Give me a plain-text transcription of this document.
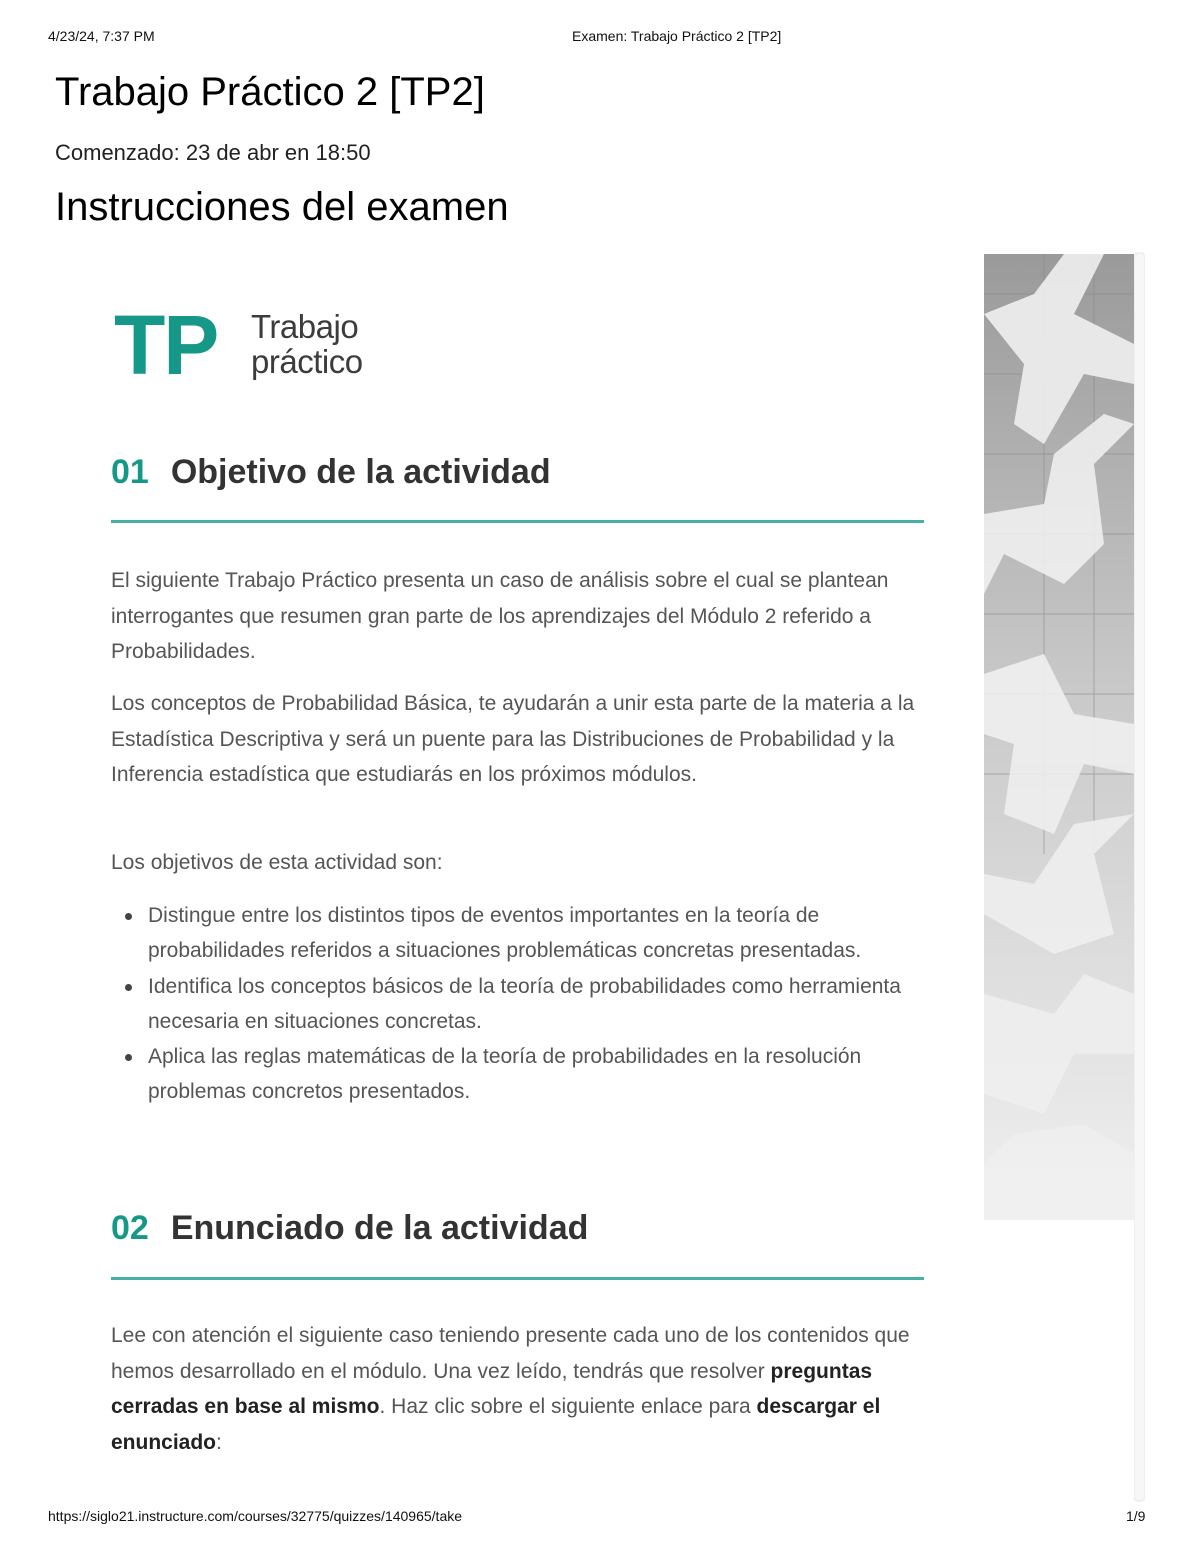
4/23/24, 7:37 PM	Examen: Trabajo Práctico 2 [TP2]
Trabajo Práctico 2 [TP2]
Comenzado: 23 de abr en 18:50
Instrucciones del examen
TP Trabajo
práctico
01 Objetivo de la actividad

El siguiente Trabajo Práctico presenta un caso de análisis sobre el cual se plantean interrogantes que resumen gran parte de los aprendizajes del Módulo 2 referido a Probabilidades.

Los conceptos de Probabilidad Básica, te ayudarán a unir esta parte de la materia a la Estadística Descriptiva y será un puente para las Distribuciones de Probabilidad y la Inferencia estadística que estudiarás en los próximos módulos.

Los objetivos de esta actividad son:

Distingue entre los distintos tipos de eventos importantes en la teoría de probabilidades referidos a situaciones problemáticas concretas presentadas.
Identifica los conceptos básicos de la teoría de probabilidades como herramienta necesaria en situaciones concretas.
Aplica las reglas matemáticas de la teoría de probabilidades en la resolución problemas concretos presentados.
02 Enunciado de la actividad

Lee con atención el siguiente caso teniendo presente cada uno de los contenidos que hemos desarrollado en el módulo. Una vez leído, tendrás que resolver preguntas cerradas en base al mismo. Haz clic sobre el siguiente enlace para descargar el enunciado:

https://siglo21.instructure.com/courses/32775/quizzes/140965/take	1/9
